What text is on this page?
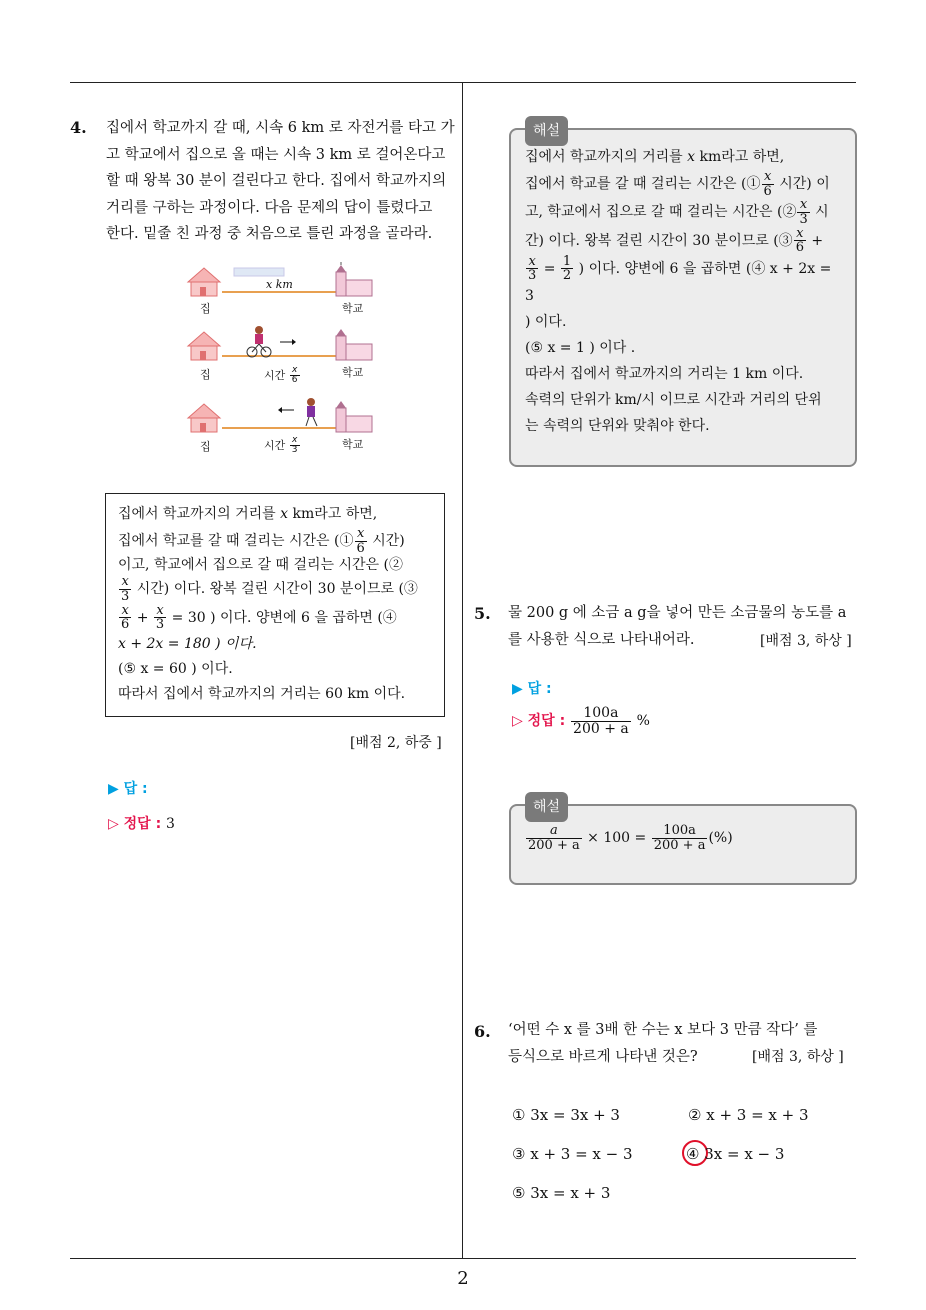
2
4. 집에서 학교까지 갈 때, 시속 6 km 로 자전거를 타고 가
고 학교에서 집으로 올 때는 시속 3 km 로 걸어온다고
할 때 왕복 30 분이 걸린다고 한다. 집에서 학교까지의
거리를 구하는 과정이다. 다음 문제의 답이 틀렸다고
한다. 밑줄 친 과정 중 처음으로 틀린 과정을 골라라.
집
x km
학교
집	시간 $\frac{x}{6}$	학교
집	시간 $\frac{x}{3}$	학교
집에서 학교까지의 거리를 x km라고 하면,
집에서 학교를 갈 때 걸리는 시간은 (① $\frac{x}{6}$ 시간)
이고, 학교에서 집으로 갈 때 걸리는 시간은 (②
$\frac{x}{3}$ 시간) 이다. 왕복 걸린 시간이 30 분이므로 (③
$\frac{x}{6} + \frac{x}{3} = 30$ ) 이다. 양변에 6 을 곱하면 (④
x + 2x = 180 ) 이다.
(⑤ x = 60 ) 이다.
따라서 집에서 학교까지의 거리는 60 km 이다.
[배점 2, 하중 ]
▶ 답 :
▷ 정답 : 3
해설
집에서 학교까지의 거리를 x km라고 하면,
집에서 학교를 갈 때 걸리는 시간은 (① $\frac{x}{6}$ 시간) 이
고, 학교에서 집으로 갈 때 걸리는 시간은 (② $\frac{x}{3}$ 시
간) 이다. 왕복 걸린 시간이 30 분이므로 (③ $\frac{x}{6}$ +
$\frac{x}{3} = \frac{1}{2}$ ) 이다. 양변에 6 을 곱하면 (④ x + 2x = 3
) 이다.
(⑤ x = 1 ) 이다 .
따라서 집에서 학교까지의 거리는 1 km 이다.
속력의 단위가 km/시 이므로 시간과 거리의 단위
는 속력의 단위와 맞춰야 한다.
5. 물 200 g 에 소금 a g을 넣어 만든 소금물의 농도를 a
를 사용한 식으로 나타내어라.	[배점 3, 하상 ]
▶ 답 :
▷ 정답 : $\frac{100a}{200 + a}$ %
해설
$\frac{a}{200 + a} \times 100 = \frac{100a}{200 + a}$ (%)
6. ‘어떤 수 x 를 3배 한 수는 x 보다 3 만큼 작다’ 를
등식으로 바르게 나타낸 것은?	[배점 3, 하상 ]
① 3x = 3x + 3	② x + 3 = x + 3
③ x + 3 = x − 3	④ 3x = x − 3
⑤ 3x = x + 3
